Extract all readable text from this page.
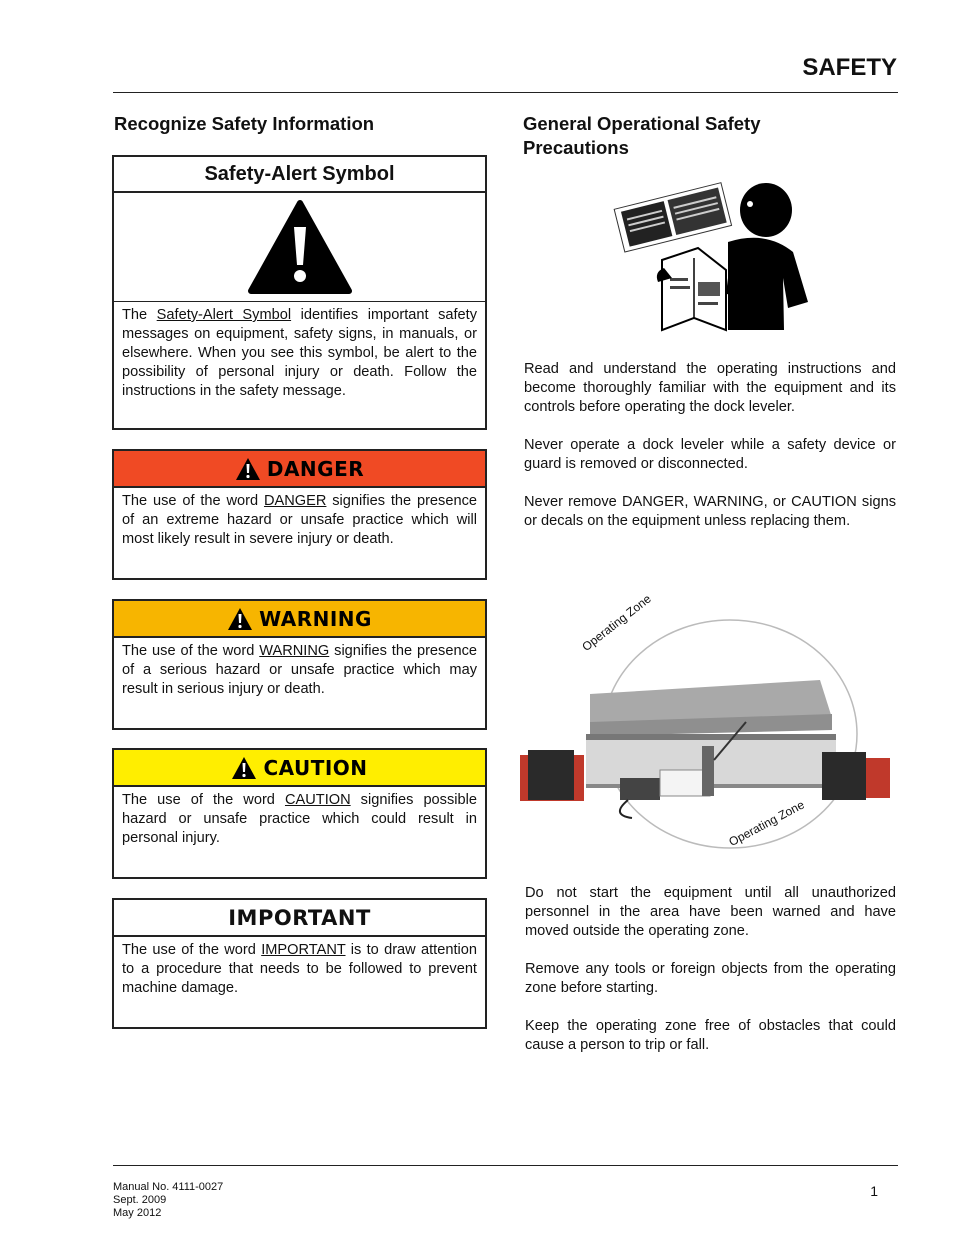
SAFETY
Recognize Safety Information
Safety-Alert Symbol
The Safety-Alert Symbol identifies important safety messages on equipment, safety signs, in manuals, or elsewhere. When you see this symbol, be alert to the possibility of personal injury or death. Follow the instructions in the safety message.
DANGER
The use of the word DANGER signifies the presence of an extreme hazard or unsafe practice which will most likely result in severe injury or death.
WARNING
The use of the word WARNING signifies the presence of a serious hazard or unsafe practice which may result in serious injury or death.
CAUTION
The use of the word CAUTION signifies possible hazard or unsafe practice which could result in personal injury.
IMPORTANT
The use of the word IMPORTANT is to draw attention to a procedure that needs to be followed to prevent machine damage.
General Operational Safety Precautions

Read and understand the operating instructions and become thoroughly familiar with the equipment and its controls before operating the dock leveler.

Never operate a dock leveler while a safety device or guard is removed or disconnected.

Never remove DANGER, WARNING, or CAUTION signs or decals on the equipment unless replacing them.

Operating Zone
Operating Zone

Do not start the equipment until all unauthorized personnel in the area have been warned and have moved outside the operating zone.

Remove any tools or foreign objects from the operating zone before starting.

Keep the operating zone free of obstacles that could cause a person to trip or fall.

Manual No. 4111-0027
Sept. 2009
May 2012
1
